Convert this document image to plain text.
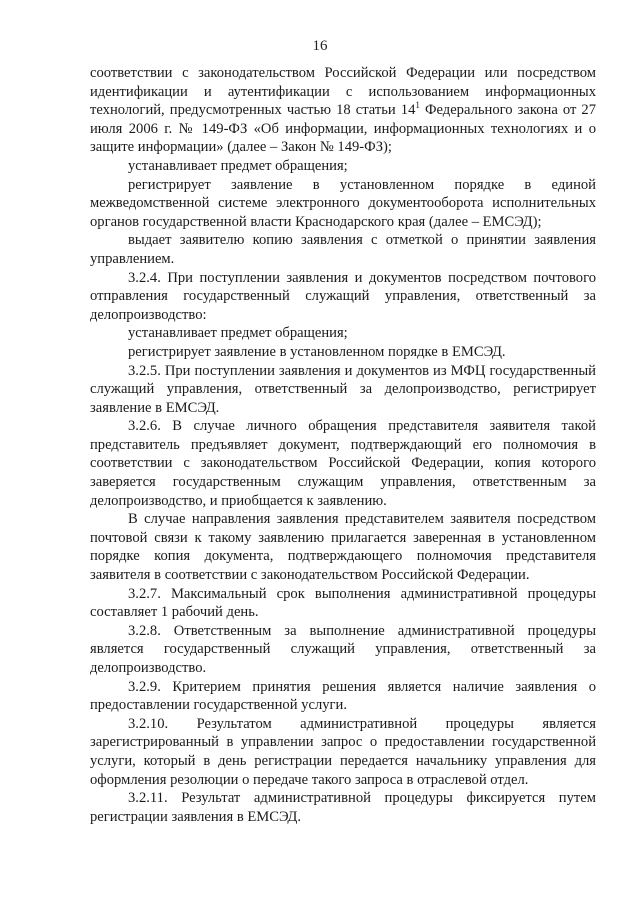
16

соответствии с законодательством Российской Федерации или посредством идентификации и аутентификации с использованием информационных технологий, предусмотренных частью 18 статьи $14^1$ Федерального закона от 27 июля 2006 г. № 149-ФЗ «Об информации, информационных технологиях и о защите информации» (далее – Закон № 149-ФЗ);

устанавливает предмет обращения;

регистрирует заявление в установленном порядке в единой межведомственной системе электронного документооборота исполнительных органов государственной власти Краснодарского края (далее – ЕМСЭД);

выдает заявителю копию заявления с отметкой о принятии заявления управлением.

3.2.4. При поступлении заявления и документов посредством почтового отправления государственный служащий управления, ответственный за делопроизводство:

устанавливает предмет обращения;

регистрирует заявление в установленном порядке в ЕМСЭД.

3.2.5. При поступлении заявления и документов из МФЦ государственный служащий управления, ответственный за делопроизводство, регистрирует заявление в ЕМСЭД.

3.2.6. В случае личного обращения представителя заявителя такой представитель предъявляет документ, подтверждающий его полномочия в соответствии с законодательством Российской Федерации, копия которого заверяется государственным служащим управления, ответственным за делопроизводство, и приобщается к заявлению.

В случае направления заявления представителем заявителя посредством почтовой связи к такому заявлению прилагается заверенная в установленном порядке копия документа, подтверждающего полномочия представителя заявителя в соответствии с законодательством Российской Федерации.

3.2.7. Максимальный срок выполнения административной процедуры составляет 1 рабочий день.

3.2.8. Ответственным за выполнение административной процедуры является государственный служащий управления, ответственный за делопроизводство.

3.2.9. Критерием принятия решения является наличие заявления о предоставлении государственной услуги.

3.2.10. Результатом административной процедуры является зарегистрированный в управлении запрос о предоставлении государственной услуги, который в день регистрации передается начальнику управления для оформления резолюции о передаче такого запроса в отраслевой отдел.

3.2.11. Результат административной процедуры фиксируется путем регистрации заявления в ЕМСЭД.
